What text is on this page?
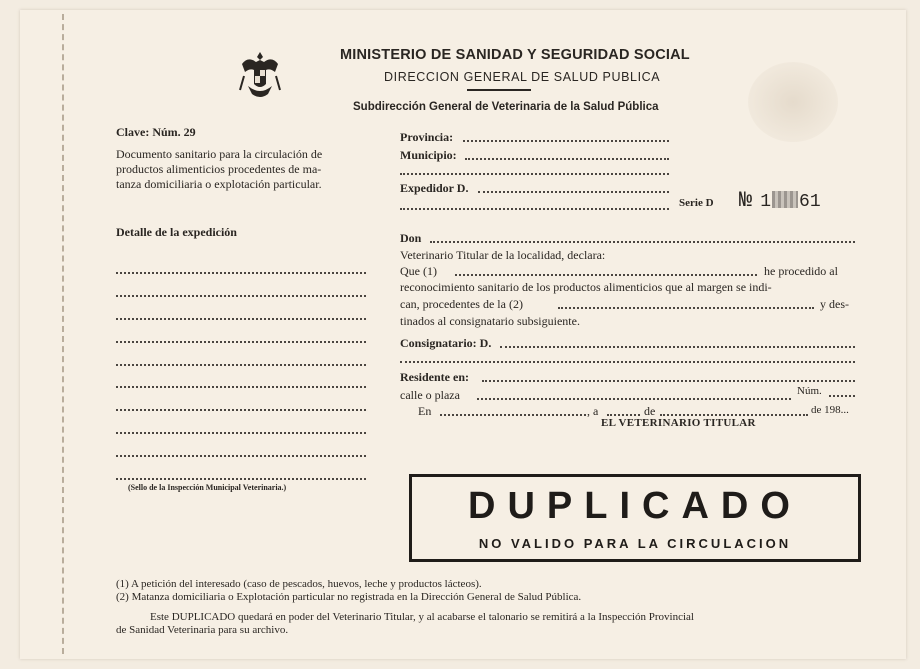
MINISTERIO DE SANIDAD Y SEGURIDAD SOCIAL
DIRECCION GENERAL DE SALUD PUBLICA
Subdirección General de Veterinaria de la Salud Pública
Clave: Núm. 29
Documento sanitario para la circulación de
productos alimenticios procedentes de ma-
tanza domiciliaria o explotación particular.
Detalle de la expedición
(Sello de la Inspección Municipal Veterinaria.)
Provincia:
Municipio:
Expedidor D.
Serie D № 1 61
Don
Veterinario Titular de la localidad, declara:
Que (1)	he procedido al
reconocimiento sanitario de los productos alimenticios que al margen se indi-
can, procedentes de la (2)	y des-
tinados al consignatario subsiguiente.
Consignatario: D.
Residente en:
calle o plaza	Núm.
En	, a	de	de 198...
EL VETERINARIO TITULAR
DUPLICADO
NO VALIDO PARA LA CIRCULACION
(1) A petición del interesado (caso de pescados, huevos, leche y productos lácteos).
(2) Matanza domiciliaria o Explotación particular no registrada en la Dirección General de Salud Pública.
Este DUPLICADO quedará en poder del Veterinario Titular, y al acabarse el talonario se remitirá a la Inspección Provincial
de Sanidad Veterinaria para su archivo.
